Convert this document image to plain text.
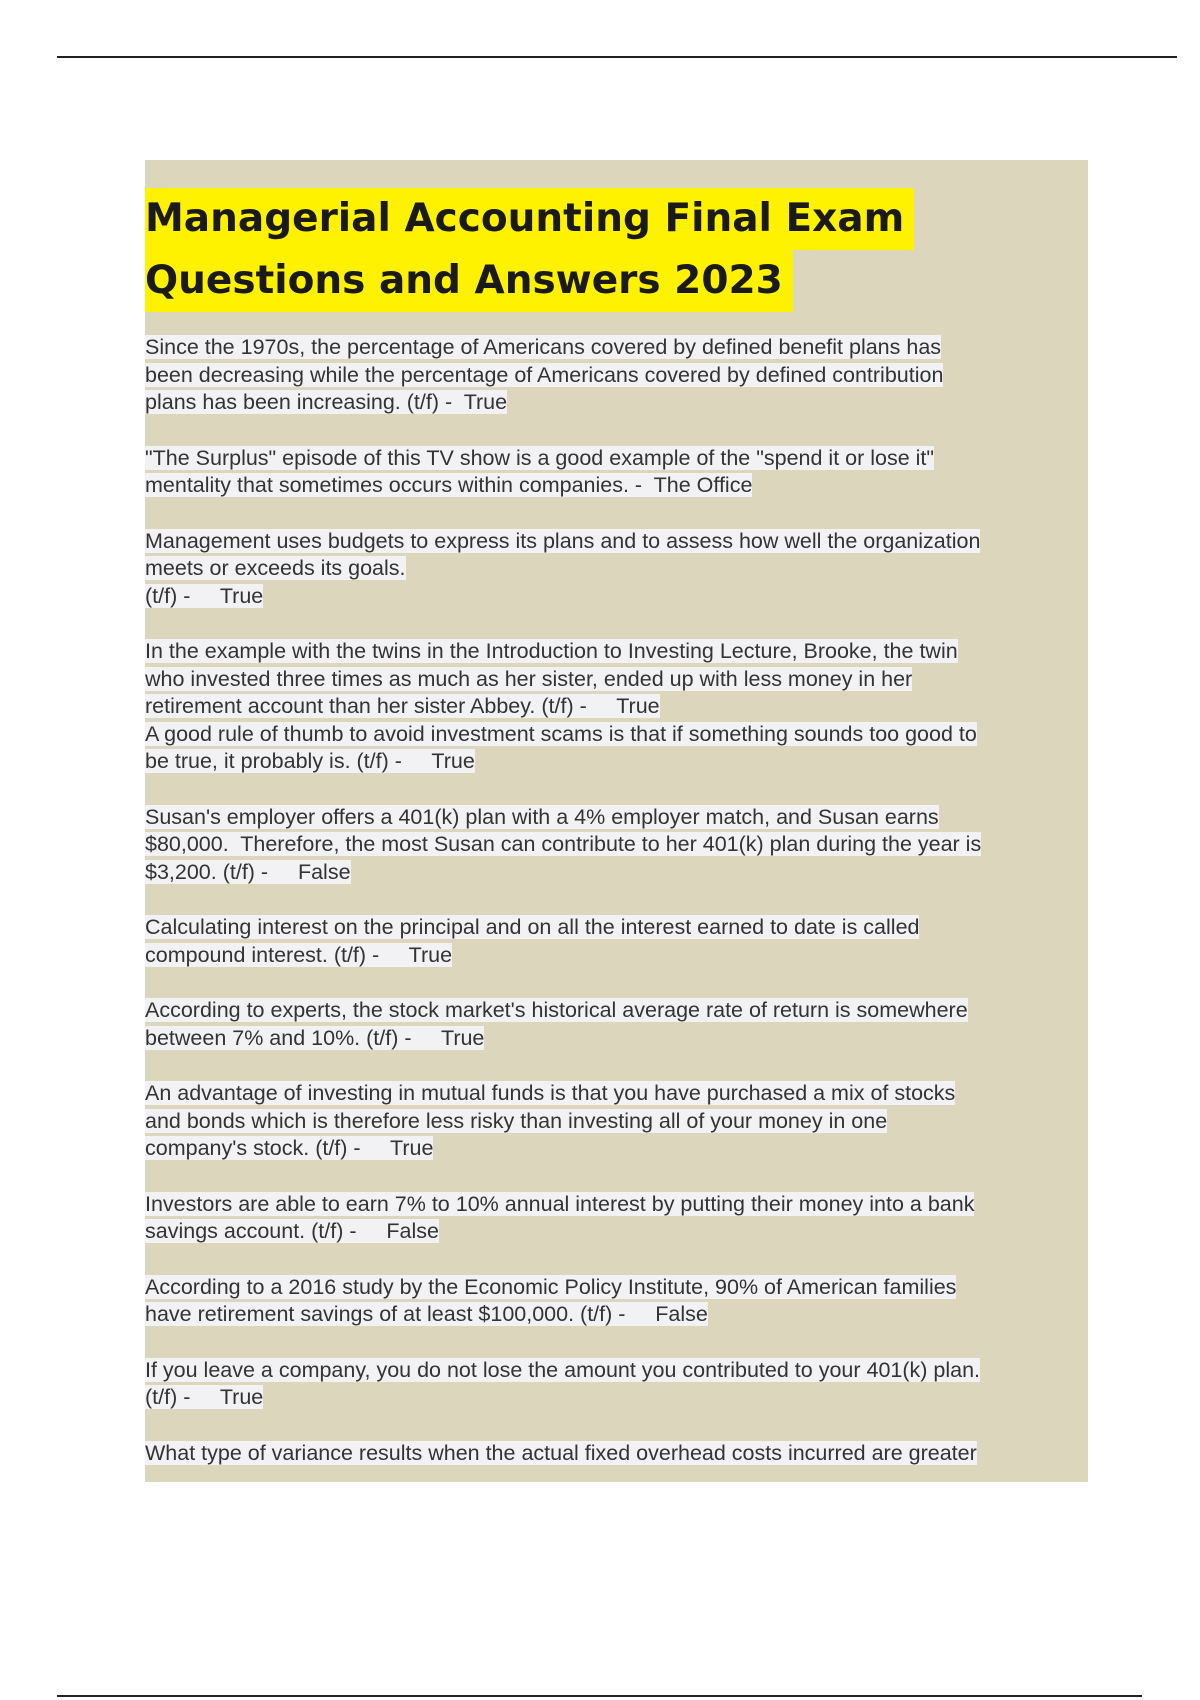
Managerial Accounting Final Exam
Questions and Answers 2023
Since the 1970s, the percentage of Americans covered by defined benefit plans has
been decreasing while the percentage of Americans covered by defined contribution
plans has been increasing. (t/f) -  True
"The Surplus" episode of this TV show is a good example of the "spend it or lose it"
mentality that sometimes occurs within companies. -  The Office
Management uses budgets to express its plans and to assess how well the organization
meets or exceeds its goals.
(t/f) -     True
In the example with the twins in the Introduction to Investing Lecture, Brooke, the twin
who invested three times as much as her sister, ended up with less money in her
retirement account than her sister Abbey. (t/f) -     True
A good rule of thumb to avoid investment scams is that if something sounds too good to
be true, it probably is. (t/f) -     True
Susan's employer offers a 401(k) plan with a 4% employer match, and Susan earns
$80,000.  Therefore, the most Susan can contribute to her 401(k) plan during the year is
$3,200. (t/f) -     False
Calculating interest on the principal and on all the interest earned to date is called
compound interest. (t/f) -     True
According to experts, the stock market's historical average rate of return is somewhere
between 7% and 10%. (t/f) -     True
An advantage of investing in mutual funds is that you have purchased a mix of stocks
and bonds which is therefore less risky than investing all of your money in one
company's stock. (t/f) -     True
Investors are able to earn 7% to 10% annual interest by putting their money into a bank
savings account. (t/f) -     False
According to a 2016 study by the Economic Policy Institute, 90% of American families
have retirement savings of at least $100,000. (t/f) -     False
If you leave a company, you do not lose the amount you contributed to your 401(k) plan.
(t/f) -     True
What type of variance results when the actual fixed overhead costs incurred are greater
